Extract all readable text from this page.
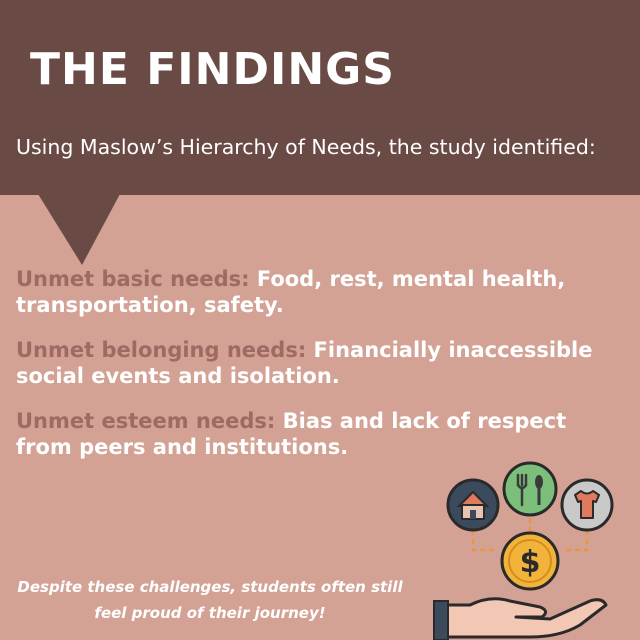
THE FINDINGS

Using Maslow’s Hierarchy of Needs, the study identified:

Unmet basic needs: Food, rest, mental health, transportation, safety.
Unmet belonging needs: Financially inaccessible social events and isolation.
Unmet esteem needs: Bias and lack of respect from peers and institutions.

Despite these challenges, students often still feel proud of their journey!

$
